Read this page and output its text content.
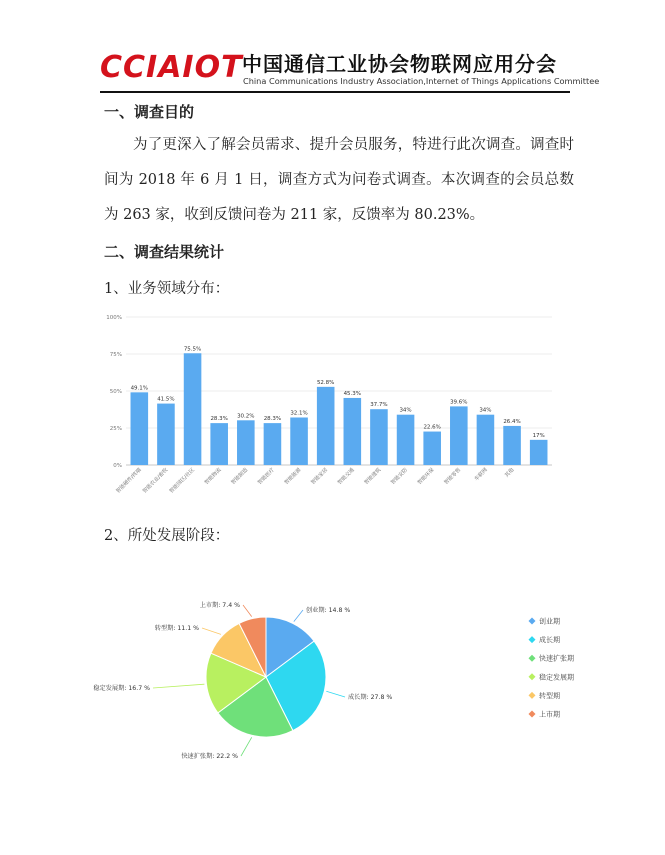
CCIAIOT 中国通信工业协会物联网应用分会
China Communications Industry Association,Internet of Things Applications Committee
一、调查目的

为了更深入了解会员需求、提升会员服务，特进行此次调查。调查时间为 2018 年 6 月 1 日，调查方式为问卷式调查。本次调查的会员总数为 263 家，收到反馈问卷为 211 家，反馈率为 80.23%。

二、调查结果统计
1、业务领域分布：
0%
25%
50%
75%
100%
49.1%
智能硬件/终端
41.5%
智能农业/畜牧
75.5%
智能园区/社区
28.3%
智能物流
30.2%
智能制造
28.3%
智能医疗
32.1%
智能能源
52.8%
智能家居
45.3%
智能交通
37.7%
智能建筑
34%
智能安防
22.6%
智能环保
39.6%
智能零售
34%
车联网
26.4%
其他
17%
2、所处发展阶段：
创业期: 14.8 %
成长期: 27.8 %
快速扩张期: 22.2 %
稳定发展期: 16.7 %
转型期: 11.1 %
上市期: 7.4 %
创业期
成长期
快速扩张期
稳定发展期
转型期
上市期
